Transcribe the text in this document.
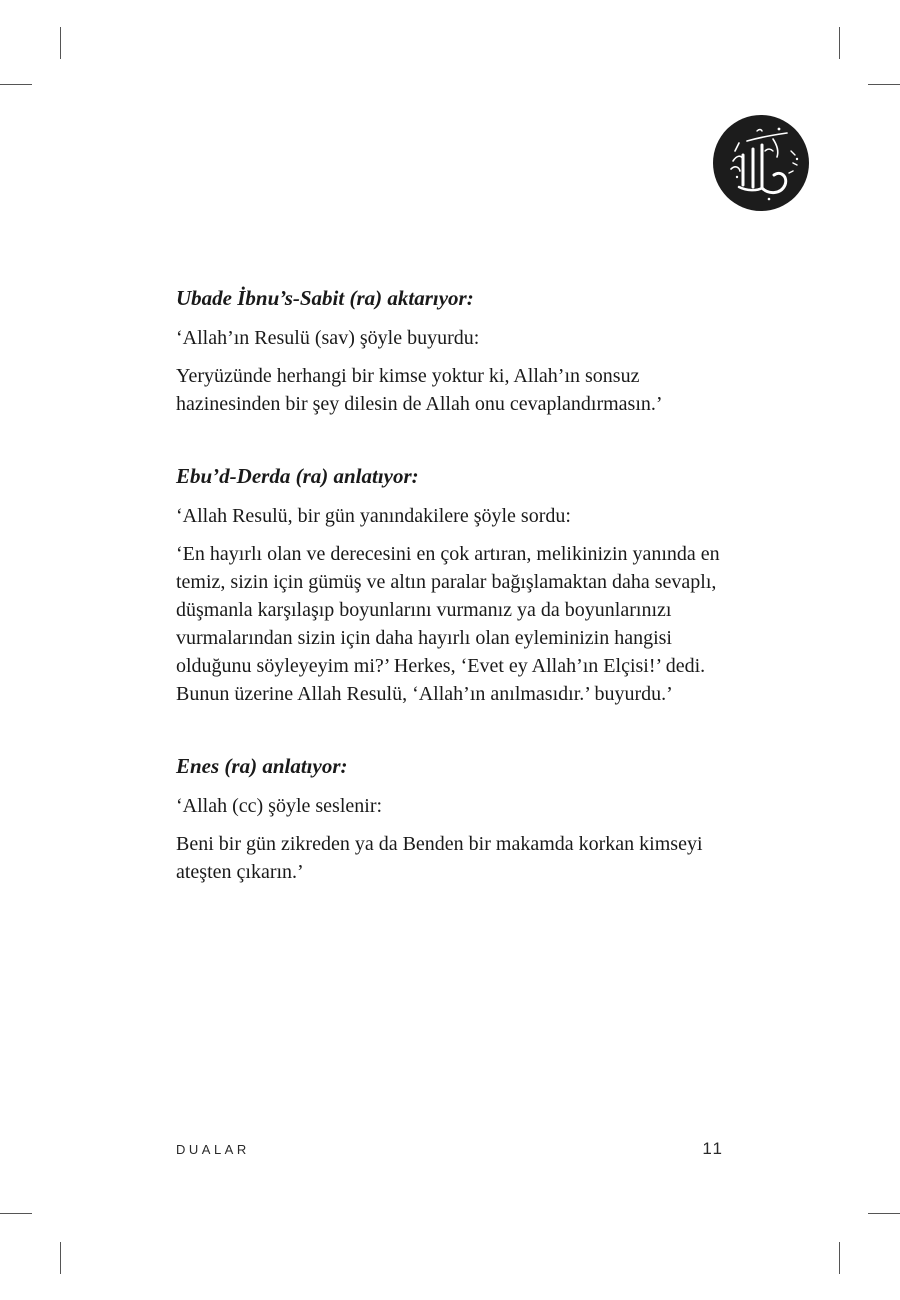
Ubade İbnu’s-Sabit (ra) aktarıyor:

‘Allah’ın Resulü (sav) şöyle buyurdu:

Yeryüzünde herhangi bir kimse yoktur ki, Allah’ın sonsuz hazinesinden bir şey dilesin de Allah onu cevaplandırmasın.’

Ebu’d-Derda (ra) anlatıyor:

‘Allah Resulü, bir gün yanındakilere şöyle sordu:

‘En hayırlı olan ve derecesini en çok artıran, melikinizin yanında en temiz, sizin için gümüş ve altın paralar bağışlamaktan daha sevaplı, düşmanla karşılaşıp boyunlarını vurmanız ya da boyunlarınızı vurmalarından sizin için daha hayırlı olan eyleminizin hangisi olduğunu söyleyeyim mi?’ Herkes, ‘Evet ey Allah’ın Elçisi!’ dedi. Bunun üzerine Allah Resulü, ‘Allah’ın anılmasıdır.’ buyurdu.’

Enes (ra) anlatıyor:

‘Allah (cc) şöyle seslenir:

Beni bir gün zikreden ya da Benden bir makamda korkan kimseyi ateşten çıkarın.’

DUALAR	11
